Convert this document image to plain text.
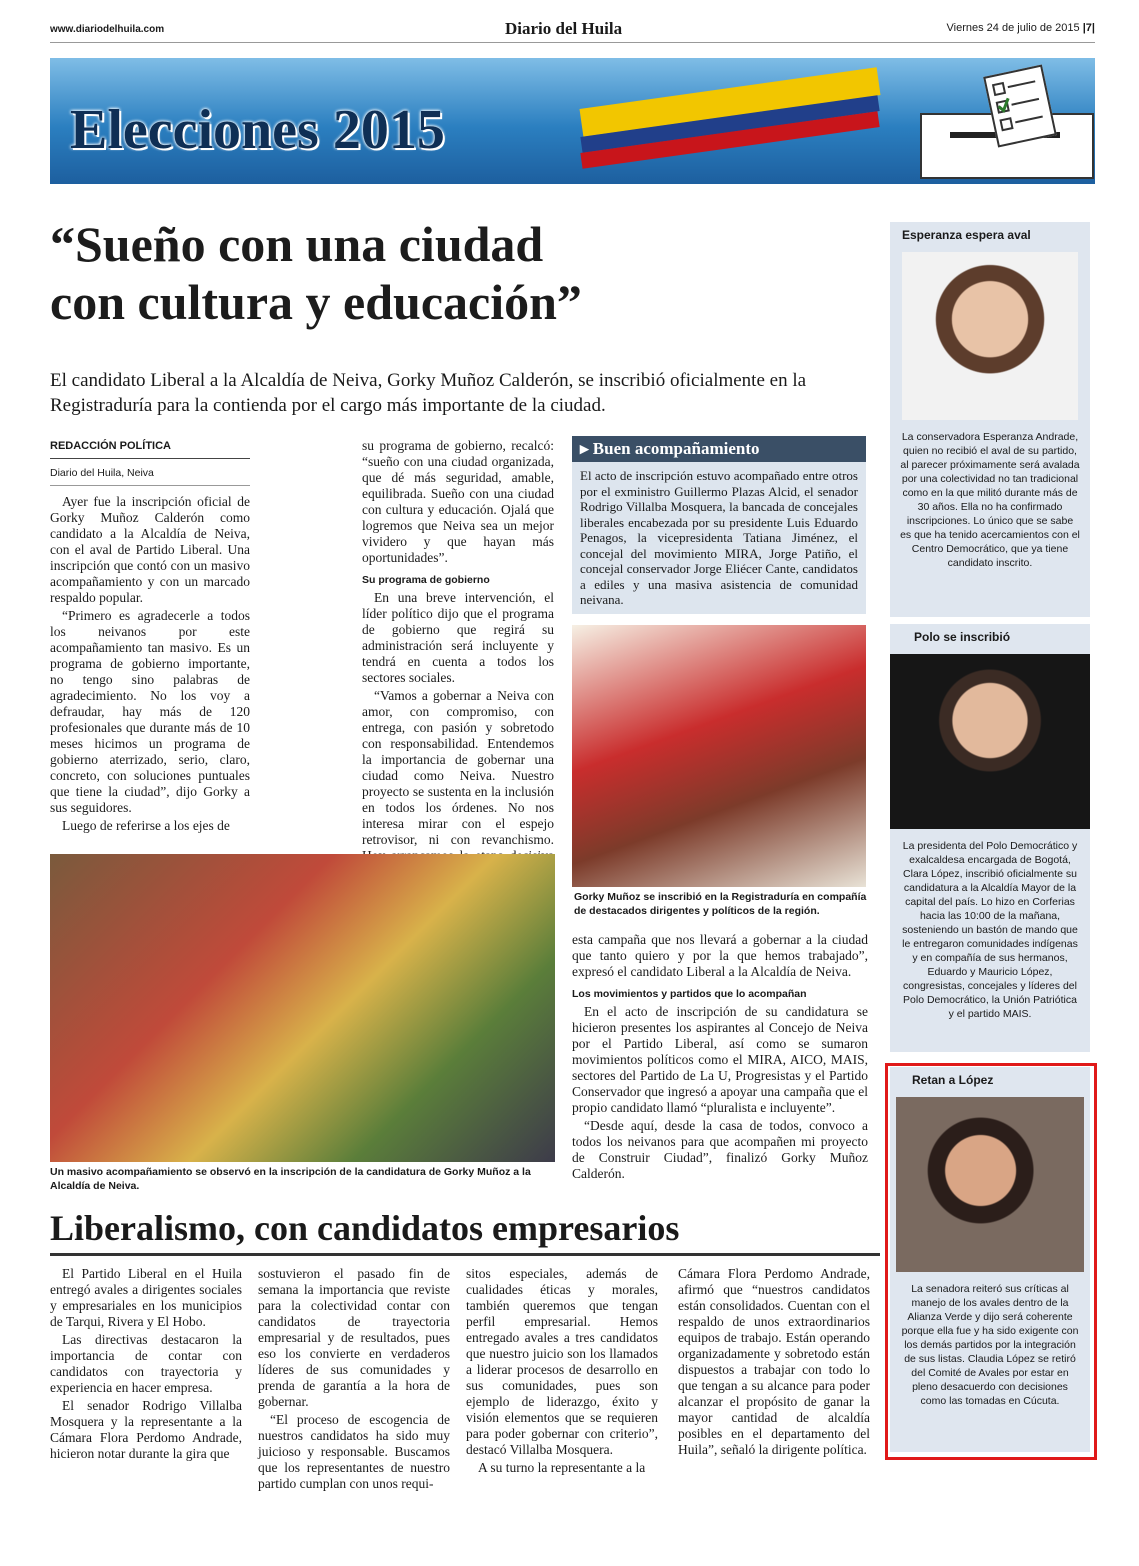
www.diariodelhuila.com	Diario del Huila	Viernes 24 de julio de 2015 |7|
Elecciones 2015
“Sueño con una ciudad
con cultura y educación”
El candidato Liberal a la Alcaldía de Neiva, Gorky Muñoz Calderón, se inscribió oficialmente en la Registraduría para la contienda por el cargo más importante de la ciudad.
REDACCIÓN POLÍTICA
Diario del Huila, Neiva

Ayer fue la inscripción oficial de Gorky Muñoz Calderón como candidato a la Alcaldía de Neiva, con el aval de Partido Liberal. Una inscripción que contó con un masivo acompañamiento y con un marcado respaldo popular.

“Primero es agradecerle a todos los neivanos por este acompañamiento tan masivo. Es un programa de gobierno importante, no tengo sino palabras de agradecimiento. No los voy a defraudar, hay más de 120 profesionales que durante más de 10 meses hicimos un programa de gobierno aterrizado, serio, claro, concreto, con soluciones puntuales que tiene la ciudad”, dijo Gorky a sus seguidores.

Luego de referirse a los ejes de

su programa de gobierno, recalcó: “sueño con una ciudad organizada, que dé más seguridad, amable, equilibrada. Sueño con una ciudad con cultura y educación. Ojalá que logremos que Neiva sea un mejor vividero y que hayan más oportunidades”.

Su programa de gobierno

En una breve intervención, el líder político dijo que el programa de gobierno que regirá su administración será incluyente y tendrá en cuenta a todos los sectores sociales.

“Vamos a gobernar a Neiva con amor, con compromiso, con entrega, con pasión y sobretodo con responsabilidad. Entendemos la importancia de gobernar una ciudad como Neiva. Nuestro proyecto se sustenta en la inclusión en todos los órdenes. No nos interesa mirar con el espejo retrovisor, ni con revanchismo.

▸ Buen acompañamiento
El acto de inscripción estuvo acompañado entre otros por el exministro Guillermo Plazas Alcid, el senador Rodrigo Villalba Mosquera, la bancada de concejales liberales encabezada por su presidente Luis Eduardo Penagos, la vicepresidenta Tatiana Jiménez, el concejal del movimiento MIRA, Jorge Patiño, el concejal conservador Jorge Eliécer Cante, candidatos a ediles y una masiva asistencia de comunidad neivana.
Gorky Muñoz se inscribió en la Registraduría en compañía de destacados dirigentes y políticos de la región.
Un masivo acompañamiento se observó en la inscripción de la candidatura de Gorky Muñoz a la Alcaldía de Neiva.

esta campaña que nos llevará a gobernar a la ciudad que tanto quiero y por la que hemos trabajado”, expresó el candidato Liberal a la Alcaldía de Neiva.

Los movimientos y partidos que lo acompañan

En el acto de inscripción de su candidatura se hicieron presentes los aspirantes al Concejo de Neiva por el Partido Liberal, así como se sumaron movimientos políticos como el MIRA, AICO, MAIS, sectores del Partido de La U, Progresistas y el Partido Conservador que ingresó a apoyar una campaña que el propio candidato llamó “pluralista e incluyente”.

“Desde aquí, desde la casa de todos, convoco a todos los neivanos para que acompañen mi proyecto de Construir Ciudad”, finalizó Gorky Muñoz Calderón.

Esperanza espera aval
La conservadora Esperanza Andrade, quien no recibió el aval de su partido, al parecer próximamente será avalada por una colectividad no tan tradicional como en la que militó durante más de 30 años. Ella no ha confirmado inscripciones. Lo único que se sabe es que ha tenido acercamientos con el Centro Democrático, que ya tiene candidato inscrito.
Polo se inscribió
La presidenta del Polo Democrático y exalcaldesa encargada de Bogotá, Clara López, inscribió oficialmente su candidatura a la Alcaldía Mayor de la capital del país. Lo hizo en Corferias hacia las 10:00 de la mañana, sosteniendo un bastón de mando que le entregaron comunidades indígenas y en compañía de sus hermanos, Eduardo y Mauricio López, congresistas, concejales y líderes del Polo Democrático, la Unión Patriótica y el partido MAIS.
Retan a López
La senadora reiteró sus críticas al manejo de los avales dentro de la Alianza Verde y dijo será coherente porque ella fue y ha sido exigente con los demás partidos por la integración de sus listas. Claudia López se retiró del Comité de Avales por estar en pleno desacuerdo con decisiones como las tomadas en Cúcuta.
Liberalismo, con candidatos empresarios

El Partido Liberal en el Huila entregó avales a dirigentes sociales y empresariales en los municipios de Tarqui, Rivera y El Hobo.

Las directivas destacaron la importancia de contar con candidatos con trayectoria y experiencia en hacer empresa.

El senador Rodrigo Villalba Mosquera y la representante a la Cámara Flora Perdomo Andrade, hicieron notar durante la gira que

sostuvieron el pasado fin de semana la importancia que reviste para la colectividad contar con candidatos de trayectoria empresarial y de resultados, pues eso los convierte en verdaderos líderes de sus comunidades y prenda de garantía a la hora de gobernar.

“El proceso de escogencia de nuestros candidatos ha sido muy juicioso y responsable. Buscamos que los representantes de nuestro partido cumplan con unos requi-

sitos especiales, además de cualidades éticas y morales, también queremos que tengan perfil empresarial. Hemos entregado avales a tres candidatos que nuestro juicio son los llamados a liderar procesos de desarrollo en sus comunidades, pues son ejemplo de liderazgo, éxito y visión elementos que se requieren para poder gobernar con criterio”, destacó Villalba Mosquera.

A su turno la representante a la

Cámara Flora Perdomo Andrade, afirmó que “nuestros candidatos están consolidados. Cuentan con el respaldo de unos extraordinarios equipos de trabajo. Están operando organizadamente y sobretodo están dispuestos a trabajar con todo lo que tengan a su alcance para poder alcanzar el propósito de ganar la mayor cantidad de alcaldía posibles en el departamento del Huila”, señaló la dirigente política.
